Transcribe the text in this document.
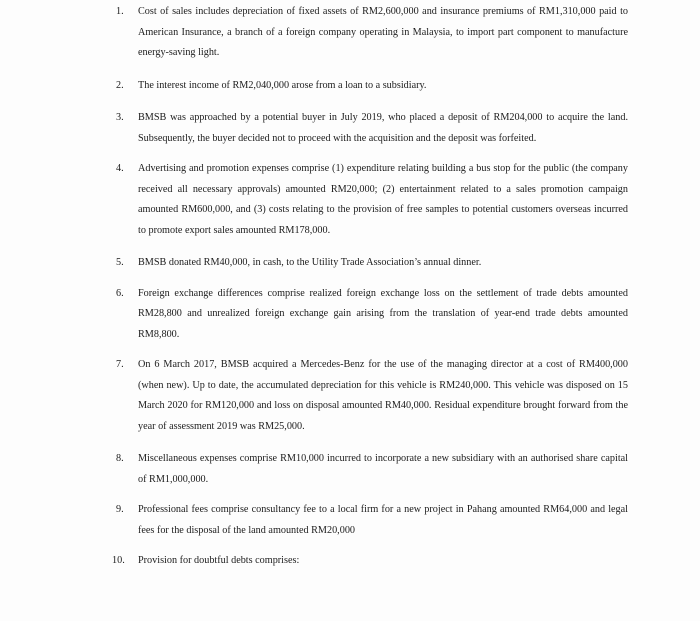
1.	Cost of sales includes depreciation of fixed assets of RM2,600,000 and insurance premiums of RM1,310,000 paid to American Insurance, a branch of a foreign company operating in Malaysia, to import part component to manufacture energy-saving light.

2.	The interest income of RM2,040,000 arose from a loan to a subsidiary.

3.	BMSB was approached by a potential buyer in July 2019, who placed a deposit of RM204,000 to acquire the land. Subsequently, the buyer decided not to proceed with the acquisition and the deposit was forfeited.

4.	Advertising and promotion expenses comprise (1) expenditure relating building a bus stop for the public (the company received all necessary approvals) amounted RM20,000; (2) entertainment related to a sales promotion campaign amounted RM600,000, and (3) costs relating to the provision of free samples to potential customers overseas incurred to promote export sales amounted RM178,000.

5.	BMSB donated RM40,000, in cash, to the Utility Trade Association’s annual dinner.

6.	Foreign exchange differences comprise realized foreign exchange loss on the settlement of trade debts amounted RM28,800 and unrealized foreign exchange gain arising from the translation of year-end trade debts amounted RM8,800.

7.	On 6 March 2017, BMSB acquired a Mercedes-Benz for the use of the managing director at a cost of RM400,000 (when new). Up to date, the accumulated depreciation for this vehicle is RM240,000. This vehicle was disposed on 15 March 2020 for RM120,000 and loss on disposal amounted RM40,000. Residual expenditure brought forward from the year of assessment 2019 was RM25,000.

8.	Miscellaneous expenses comprise RM10,000 incurred to incorporate a new subsidiary with an authorised share capital of RM1,000,000.

9.	Professional fees comprise consultancy fee to a local firm for a new project in Pahang amounted RM64,000 and legal fees for the disposal of the land amounted RM20,000

10.	Provision for doubtful debts comprises:
